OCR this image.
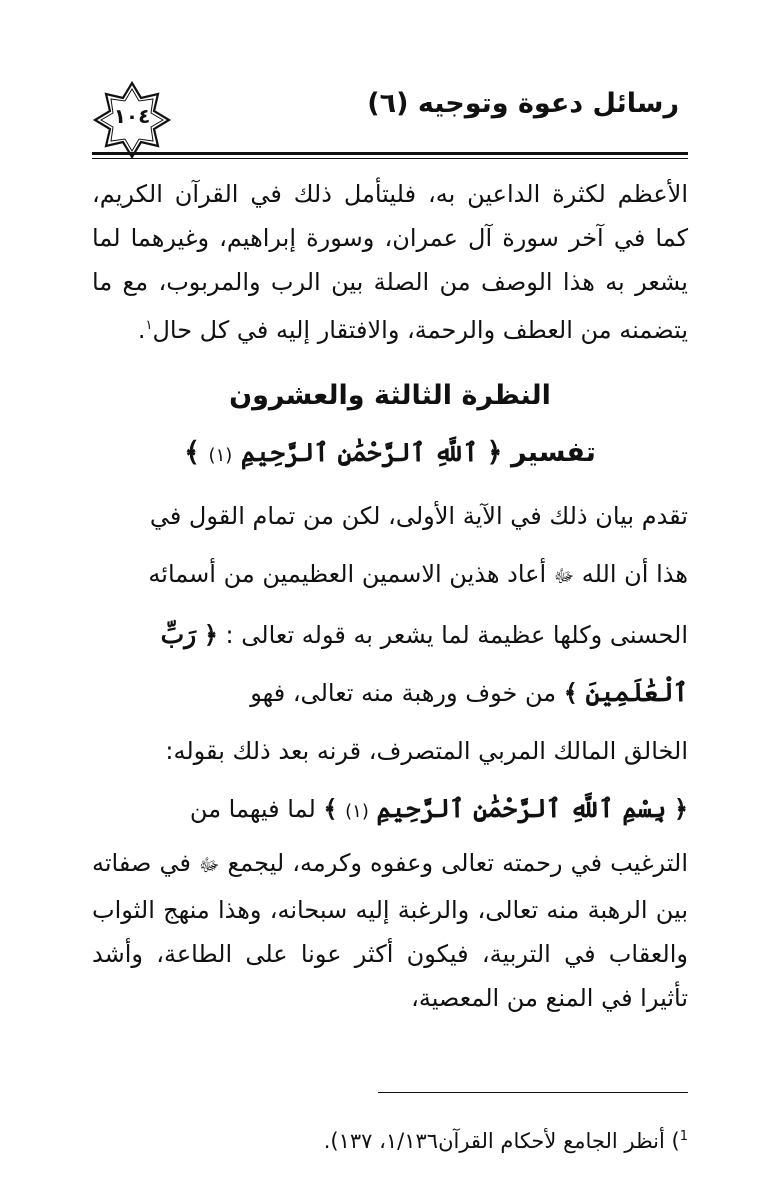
رسائل دعوة وتوجيه (٦)
١٠٤

الأعظم لكثرة الداعين به، فليتأمل ذلك في القرآن الكريم، كما في آخر سورة آل عمران، وسورة إبراهيم، وغيرهما لما يشعر به هذا الوصف من الصلة بين الرب والمربوب، مع ما يتضمنه من العطف والرحمة، والافتقار إليه في كل حال$^١$.

النظرة الثالثة والعشرون
تفسير ﴿ ٱللَّهِ ٱلرَّحْمَٰنِ ٱلرَّحِيمِ (١) ﴾
تقدم بيان ذلك في الآية الأولى، لكن من تمام القول في
هذا أن الله ﷻ أعاد هذين الاسمين العظيمين من أسمائه
الحسنى وكلها عظيمة لما يشعر به قوله تعالى : ﴿ رَبِّ
ٱلْعَٰلَمِينَ ﴾ من خوف ورهبة منه تعالى، فهو
الخالق المالك المربي المتصرف، قرنه بعد ذلك بقوله:
﴿ بِسْمِ ٱللَّهِ ٱلرَّحْمَٰنِ ٱلرَّحِيمِ (١) ﴾ لما فيهما من

الترغيب في رحمته تعالى وعفوه وكرمه، ليجمع ﷻ في صفاته بين الرهبة منه تعالى، والرغبة إليه سبحانه، وهذا منهج الثواب والعقاب في التربية، فيكون أكثر عونا على الطاعة، وأشد تأثيرا في المنع من المعصية،

$^1$) أنظر الجامع لأحكام القرآن١/١٣٦، ١٣٧).
